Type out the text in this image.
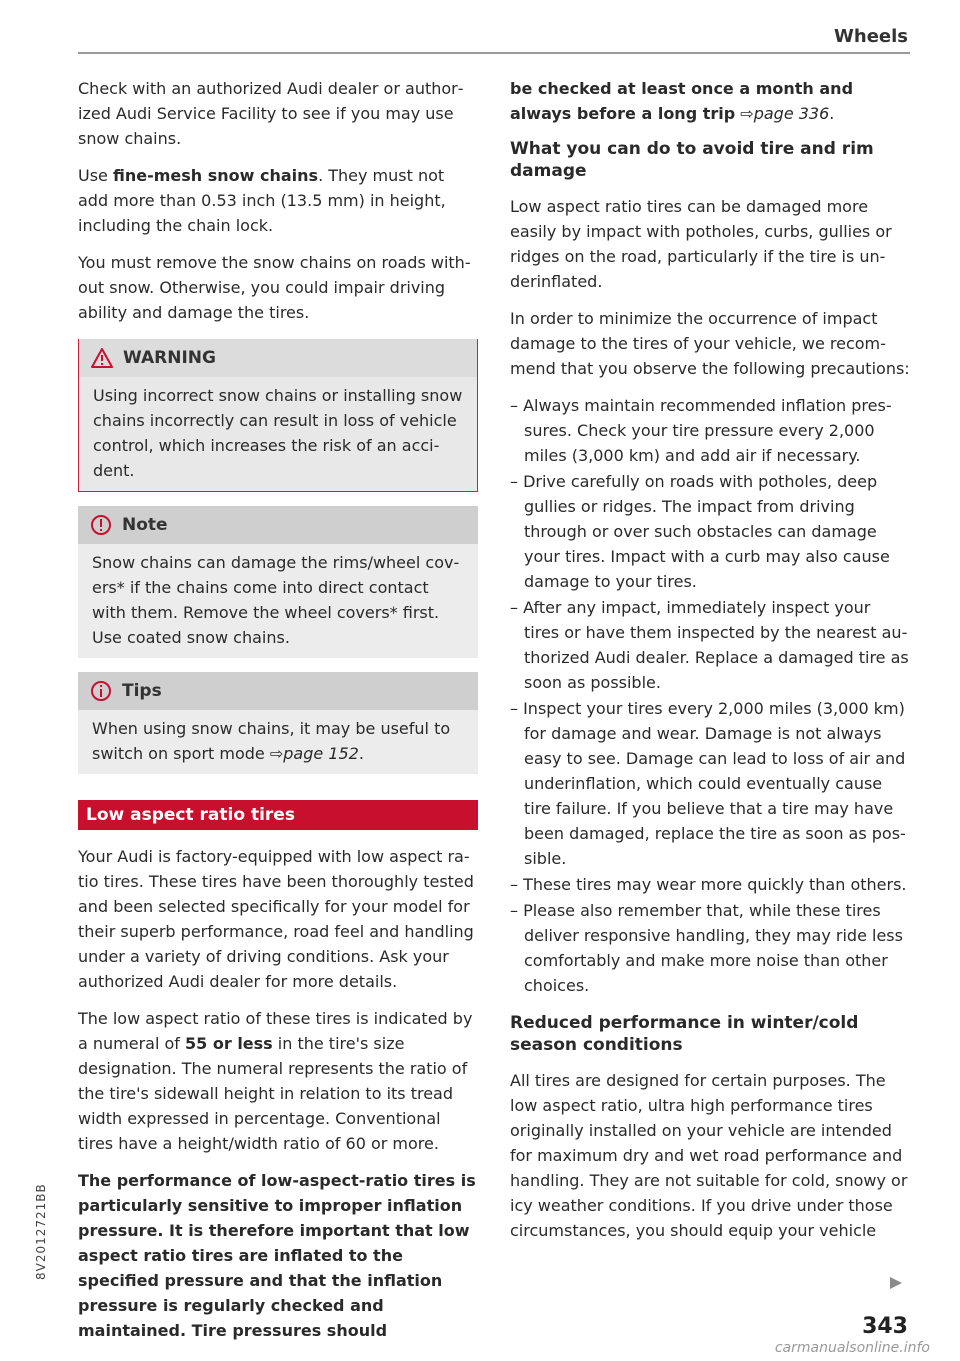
Wheels

Check with an authorized Audi dealer or authorized Audi Service Facility to see if you may use snow chains.

Use fine-mesh snow chains. They must not add more than 0.53 inch (13.5 mm) in height, including the chain lock.

You must remove the snow chains on roads without snow. Otherwise, you could impair driving ability and damage the tires.

WARNING
Using incorrect snow chains or installing snow chains incorrectly can result in loss of vehicle control, which increases the risk of an accident.
Note
Snow chains can damage the rims/wheel covers* if the chains come into direct contact with them. Remove the wheel covers* first. Use coated snow chains.
Tips
When using snow chains, it may be useful to switch on sport mode ⇨page 152.
Low aspect ratio tires

Your Audi is factory-equipped with low aspect ratio tires. These tires have been thoroughly tested and been selected specifically for your model for their superb performance, road feel and handling under a variety of driving conditions. Ask your authorized Audi dealer for more details.

The low aspect ratio of these tires is indicated by a numeral of 55 or less in the tire's size designation. The numeral represents the ratio of the tire's sidewall height in relation to its tread width expressed in percentage. Conventional tires have a height/width ratio of 60 or more.

The performance of low-aspect-ratio tires is particularly sensitive to improper inflation pressure. It is therefore important that low aspect ratio tires are inflated to the specified pressure and that the inflation pressure is regularly checked and maintained. Tire pressures should

be checked at least once a month and always before a long trip ⇨page 336.

What you can do to avoid tire and rim damage

Low aspect ratio tires can be damaged more easily by impact with potholes, curbs, gullies or ridges on the road, particularly if the tire is underinflated.

In order to minimize the occurrence of impact damage to the tires of your vehicle, we recommend that you observe the following precautions:

– Always maintain recommended inflation pressures. Check your tire pressure every 2,000 miles (3,000 km) and add air if necessary.
– Drive carefully on roads with potholes, deep gullies or ridges. The impact from driving through or over such obstacles can damage your tires. Impact with a curb may also cause damage to your tires.
– After any impact, immediately inspect your tires or have them inspected by the nearest authorized Audi dealer. Replace a damaged tire as soon as possible.
– Inspect your tires every 2,000 miles (3,000 km) for damage and wear. Damage is not always easy to see. Damage can lead to loss of air and underinflation, which could eventually cause tire failure. If you believe that a tire may have been damaged, replace the tire as soon as possible.
– These tires may wear more quickly than others.
– Please also remember that, while these tires deliver responsive handling, they may ride less comfortably and make more noise than other choices.
Reduced performance in winter/cold season conditions

All tires are designed for certain purposes. The low aspect ratio, ultra high performance tires originally installed on your vehicle are intended for maximum dry and wet road performance and handling. They are not suitable for cold, snowy or icy weather conditions. If you drive under those circumstances, you should equip your vehicle

343
8V2012721BB
carmanualsonline.info
